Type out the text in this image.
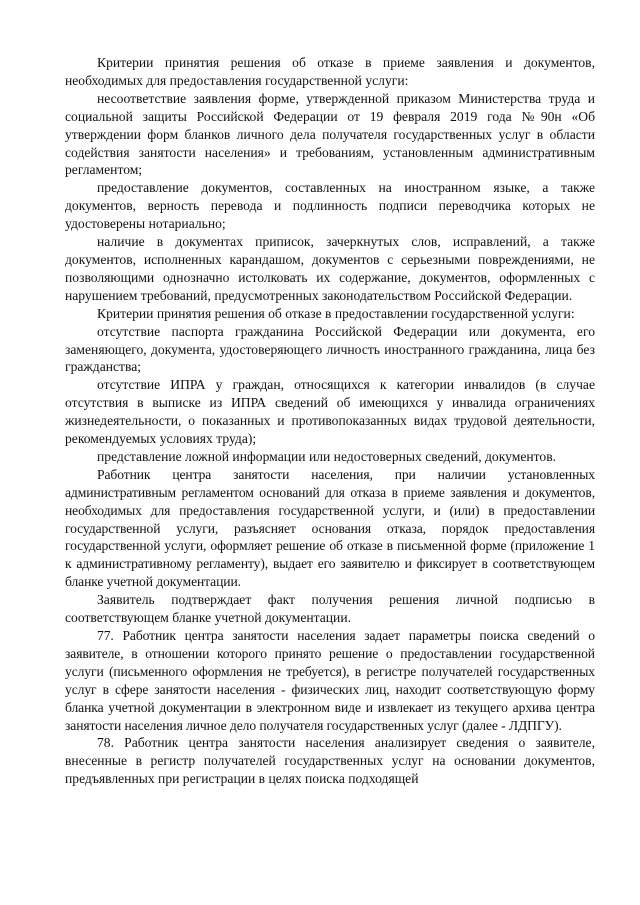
Критерии принятия решения об отказе в приеме заявления и документов, необходимых для предоставления государственной услуги:

несоответствие заявления форме, утвержденной приказом Министерства труда и социальной защиты Российской Федерации от 19 февраля 2019 года №90н «Об утверждении форм бланков личного дела получателя государственных услуг в области содействия занятости населения» и требованиям, установленным административным регламентом;

предоставление документов, составленных на иностранном языке, а также документов, верность перевода и подлинность подписи переводчика которых не удостоверены нотариально;

наличие в документах приписок, зачеркнутых слов, исправлений, а также документов, исполненных карандашом, документов с серьезными повреждениями, не позволяющими однозначно истолковать их содержание, документов, оформленных с нарушением требований, предусмотренных законодательством Российской Федерации.

Критерии принятия решения об отказе в предоставлении государственной услуги:

отсутствие паспорта гражданина Российской Федерации или документа, его заменяющего, документа, удостоверяющего личность иностранного гражданина, лица без гражданства;

отсутствие ИПРА у граждан, относящихся к категории инвалидов (в случае отсутствия в выписке из ИПРА сведений об имеющихся у инвалида ограничениях жизнедеятельности, о показанных и противопоказанных видах трудовой деятельности, рекомендуемых условиях труда);

представление ложной информации или недостоверных сведений, документов.

Работник центра занятости населения, при наличии установленных административным регламентом оснований для отказа в приеме заявления и документов, необходимых для предоставления государственной услуги, и (или) в предоставлении государственной услуги, разъясняет основания отказа, порядок предоставления государственной услуги, оформляет решение об отказе в письменной форме (приложение 1 к административному регламенту), выдает его заявителю и фиксирует в соответствующем бланке учетной документации.

Заявитель подтверждает факт получения решения личной подписью в соответствующем бланке учетной документации.

77. Работник центра занятости населения задает параметры поиска сведений о заявителе, в отношении которого принято решение о предоставлении государственной услуги (письменного оформления не требуется), в регистре получателей государственных услуг в сфере занятости населения - физических лиц, находит соответствующую форму бланка учетной документации в электронном виде и извлекает из текущего архива центра занятости населения личное дело получателя государственных услуг (далее - ЛДПГУ).

78. Работник центра занятости населения анализирует сведения о заявителе, внесенные в регистр получателей государственных услуг на основании документов, предъявленных при регистрации в целях поиска подходящей
